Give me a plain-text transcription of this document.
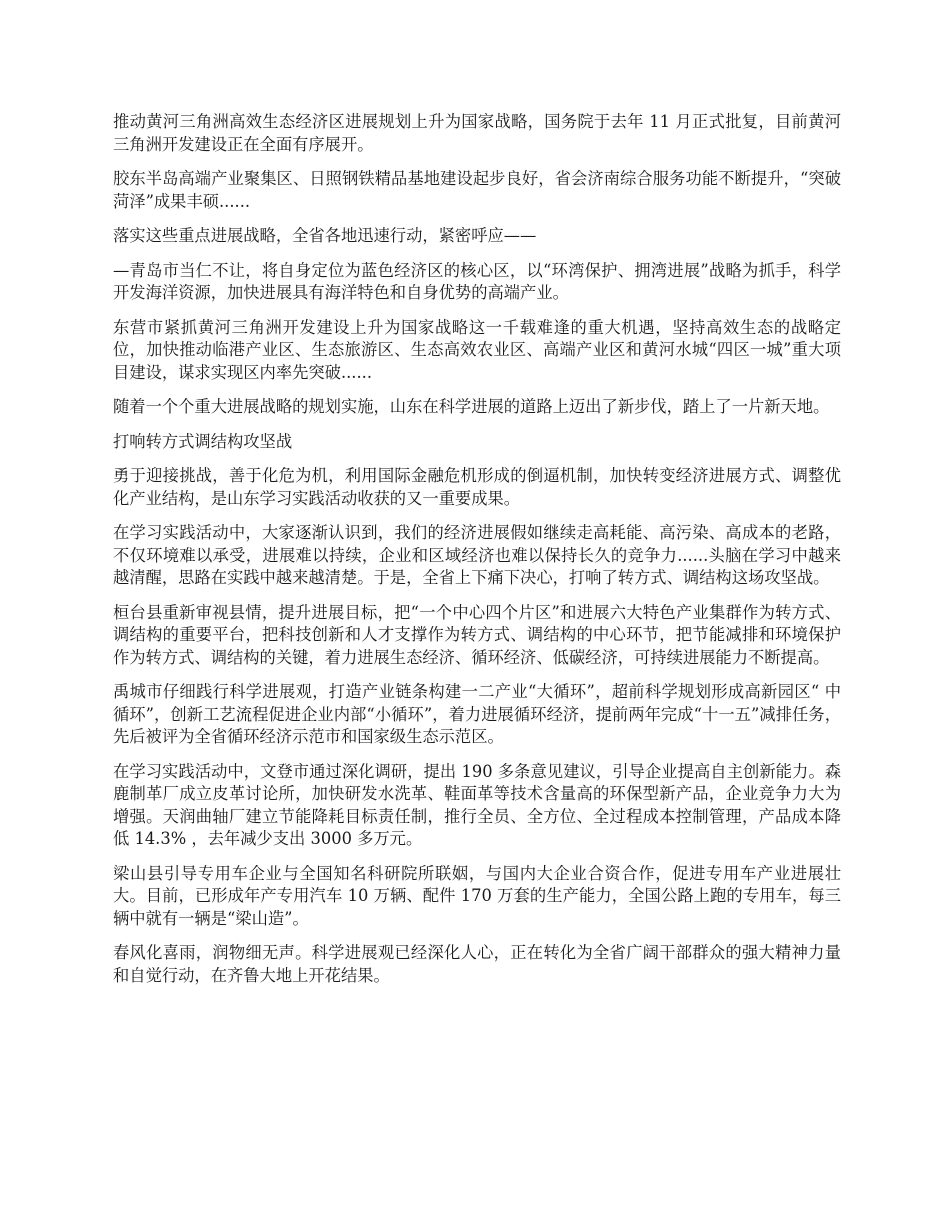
推动黄河三角洲高效生态经济区进展规划上升为国家战略，国务院于去年 11 月正式批复，目前黄河三角洲开发建设正在全面有序展开。

胶东半岛高端产业聚集区、日照钢铁精品基地建设起步良好，省会济南综合服务功能不断提升，“突破菏泽”成果丰硕......

落实这些重点进展战略，全省各地迅速行动，紧密呼应——

—青岛市当仁不让，将自身定位为蓝色经济区的核心区，以“环湾保护、拥湾进展”战略为抓手，科学开发海洋资源，加快进展具有海洋特色和自身优势的高端产业。

东营市紧抓黄河三角洲开发建设上升为国家战略这一千载难逢的重大机遇，坚持高效生态的战略定位，加快推动临港产业区、生态旅游区、生态高效农业区、高端产业区和黄河水城“四区一城”重大项目建设，谋求实现区内率先突破......

随着一个个重大进展战略的规划实施，山东在科学进展的道路上迈出了新步伐，踏上了一片新天地。

打响转方式调结构攻坚战

勇于迎接挑战，善于化危为机，利用国际金融危机形成的倒逼机制，加快转变经济进展方式、调整优化产业结构，是山东学习实践活动收获的又一重要成果。

在学习实践活动中，大家逐渐认识到，我们的经济进展假如继续走高耗能、高污染、高成本的老路，不仅环境难以承受，进展难以持续，企业和区域经济也难以保持长久的竞争力......头脑在学习中越来越清醒，思路在实践中越来越清楚。于是，全省上下痛下决心，打响了转方式、调结构这场攻坚战。

桓台县重新审视县情，提升进展目标，把“一个中心四个片区”和进展六大特色产业集群作为转方式、调结构的重要平台，把科技创新和人才支撑作为转方式、调结构的中心环节，把节能减排和环境保护作为转方式、调结构的关键，着力进展生态经济、循环经济、低碳经济，可持续进展能力不断提高。

禹城市仔细践行科学进展观，打造产业链条构建一二产业“大循环”，超前科学规划形成高新园区“ 中循环”，创新工艺流程促进企业内部“小循环”，着力进展循环经济，提前两年完成“十一五”减排任务，先后被评为全省循环经济示范市和国家级生态示范区。

在学习实践活动中，文登市通过深化调研，提出 190 多条意见建议，引导企业提高自主创新能力。森鹿制革厂成立皮革讨论所，加快研发水洗革、鞋面革等技术含量高的环保型新产品，企业竞争力大为增强。天润曲轴厂建立节能降耗目标责任制，推行全员、全方位、全过程成本控制管理，产品成本降低 14.3% ，去年减少支出 3000 多万元。

梁山县引导专用车企业与全国知名科研院所联姻，与国内大企业合资合作，促进专用车产业进展壮大。目前，已形成年产专用汽车 10 万辆、配件 170 万套的生产能力，全国公路上跑的专用车，每三辆中就有一辆是“梁山造”。

春风化喜雨，润物细无声。科学进展观已经深化人心，正在转化为全省广阔干部群众的强大精神力量和自觉行动，在齐鲁大地上开花结果。
